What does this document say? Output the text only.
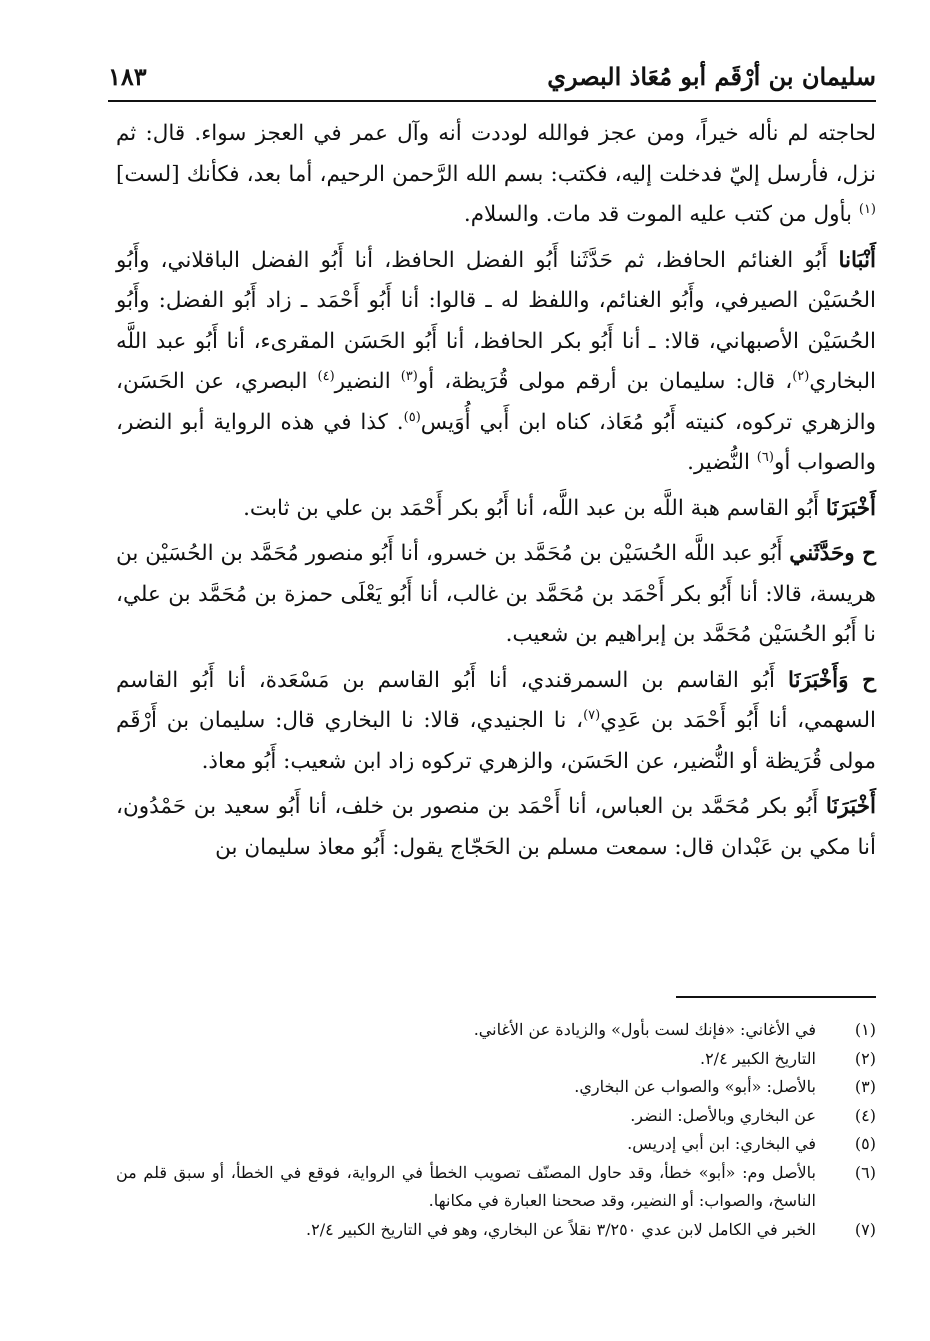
١٨٣	سليمان بن أرْقَم أبو مُعَاذ البصري

لحاجته لم نأله خيراً، ومن عجز فوالله لوددت أنه وآل عمر في العجز سواء. قال: ثم نزل، فأرسل إليّ فدخلت إليه، فكتب: بسم الله الرَّحمن الرحيم، أما بعد، فكأنك [لست]$^{(١)}$ بأول من كتب عليه الموت قد مات. والسلام.

أَنْبَانا أَبُو الغنائم الحافظ، ثم حَدَّثَنا أَبُو الفضل الحافظ، أنا أَبُو الفضل الباقلاني، وأَبُو الحُسَيْن الصيرفي، وأَبُو الغنائم، واللفظ له ـ قالوا: أنا أَبُو أَحْمَد ـ زاد أَبُو الفضل: وأَبُو الحُسَيْن الأصبهاني، قالا: ـ أنا أَبُو بكر الحافظ، أنا أَبُو الحَسَن المقرىء، أنا أَبُو عبد اللَّه البخاري$^{(٢)}$، قال: سليمان بن أرقم مولى قُرَيظة، أو$^{(٣)}$ النضير$^{(٤)}$ البصري، عن الحَسَن، والزهري تركوه، كنيته أَبُو مُعَاذ، كناه ابن أَبي أُوَيس$^{(٥)}$. كذا في هذه الرواية أبو النضر، والصواب أو$^{(٦)}$ النُّضير.

أَخْبَرَنَا أَبُو القاسم هبة اللَّه بن عبد اللَّه، أنا أَبُو بكر أَحْمَد بن علي بن ثابت.

ح وحَدَّثَني أَبُو عبد اللَّه الحُسَيْن بن مُحَمَّد بن خسرو، أنا أَبُو منصور مُحَمَّد بن الحُسَيْن بن هريسة، قالا: أنا أَبُو بكر أَحْمَد بن مُحَمَّد بن غالب، أنا أَبُو يَعْلَى حمزة بن مُحَمَّد بن علي، نا أَبُو الحُسَيْن مُحَمَّد بن إبراهيم بن شعيب.

ح وَأَخْبَرَنَا أَبُو القاسم بن السمرقندي، أنا أَبُو القاسم بن مَسْعَدة، أنا أَبُو القاسم السهمي، أنا أَبُو أَحْمَد بن عَدِي$^{(٧)}$، نا الجنيدي، قالا: نا البخاري قال: سليمان بن أَرْقَم مولى قُرَيظة أو النُّضير، عن الحَسَن، والزهري تركوه زاد ابن شعيب: أَبُو معاذ.

أَخْبَرَنَا أَبُو بكر مُحَمَّد بن العباس، أنا أَحْمَد بن منصور بن خلف، أنا أَبُو سعيد بن حَمْدُون، أنا مكي بن عَبْدان قال: سمعت مسلم بن الحَجّاج يقول: أَبُو معاذ سليمان بن

(١)
في الأغاني: «فإنك لست بأول» والزيادة عن الأغاني.
(٢)
التاريخ الكبير ٢/٤.
(٣)
بالأصل: «أبو» والصواب عن البخاري.
(٤)
عن البخاري وبالأصل: النضر.
(٥)
في البخاري: ابن أبي إدريس.
(٦)
بالأصل وم: «أبو» خطأ، وقد حاول المصنّف تصويب الخطأ في الرواية، فوقع في الخطأ، أو سبق قلم من الناسخ، والصواب: أو النضير، وقد صححنا العبارة في مكانها.
(٧)
الخبر في الكامل لابن عدي ٣/٢٥٠ نقلاً عن البخاري، وهو في التاريخ الكبير ٢/٤.
